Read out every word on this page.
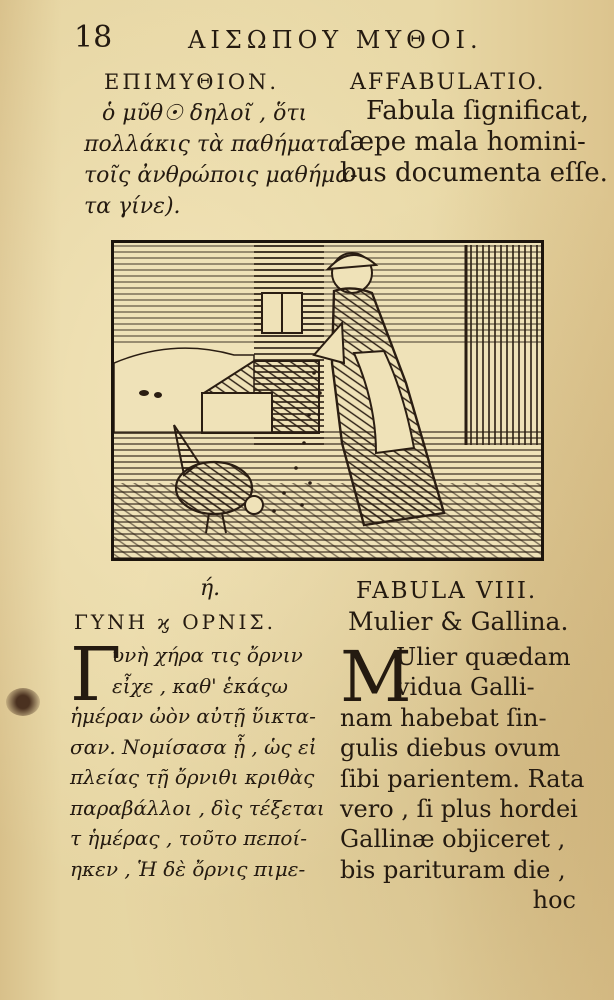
18	ΑΙΣΩΠΟΥ ΜΥΘΟΙ.
ΕΠΙΜΥΘΙΟΝ.
ὁ μῦθ☉ δηλοῖ , ὅτι
πολλάκις τὰ παθήματα
τοῖς ἀνθρώποις μαθήμα-
τα γίνε).
AFFABULATIO.
Fabula ſignificat,
ſæpe mala homini-
bus documenta eſſe.
ή.
ΓΥΝΗ ϗ ΟΡΝΙΣ.
Γ
υνὴ χήρα τις ὄρνιν
εἶχε , καθ' ἑκάςω
ἡμέραν ὠὸν αὐτῇ ὕικτα-
σαν. Νομίσασα ᾗ , ὡς εἰ
πλείας τῇ ὄρνιθι κριθὰς
παραβάλλοι , δὶς τέξεται
τ ἡμέρας , τοῦτο πεποί-
ηκεν , Ἡ δὲ ὄρνις πιμε-
FABULA VIII.
Mulier & Gallina.
M
Ulier quædam
vidua Galli-
nam habebat ſin-
gulis diebus ovum
ſibi parientem. Rata
vero , ſi plus hordei
Gallinæ objiceret ,
bis parituram die ,
hoc
